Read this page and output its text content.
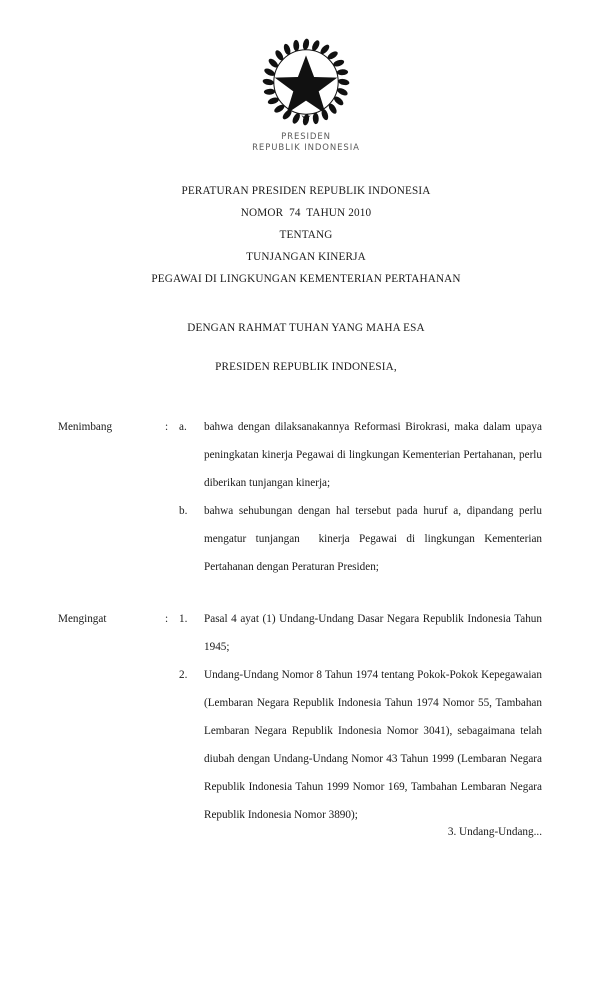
PRESIDEN
REPUBLIK INDONESIA
PERATURAN PRESIDEN REPUBLIK INDONESIA
NOMOR  74  TAHUN 2010
TENTANG
TUNJANGAN KINERJA
PEGAWAI DI LINGKUNGAN KEMENTERIAN PERTAHANAN
DENGAN RAHMAT TUHAN YANG MAHA ESA
PRESIDEN REPUBLIK INDONESIA,
Menimbang	: a.	bahwa dengan dilaksanakannya Reformasi Birokrasi, maka dalam upaya peningkatan kinerja Pegawai di lingkungan Kementerian Pertahanan, perlu diberikan tunjangan kinerja;
b.	bahwa sehubungan dengan hal tersebut pada huruf a, dipandang perlu mengatur tunjangan  kinerja Pegawai di lingkungan Kementerian Pertahanan dengan Peraturan Presiden;
Mengingat	: 1.	Pasal 4 ayat (1) Undang-Undang Dasar Negara Republik Indonesia Tahun 1945;
2.	Undang-Undang Nomor 8 Tahun 1974 tentang Pokok-Pokok Kepegawaian (Lembaran Negara Republik Indonesia Tahun 1974 Nomor 55, Tambahan Lembaran Negara Republik Indonesia Nomor 3041), sebagaimana telah diubah dengan Undang-Undang Nomor 43 Tahun 1999 (Lembaran Negara Republik Indonesia Tahun 1999 Nomor 169, Tambahan Lembaran Negara Republik Indonesia Nomor 3890);
3. Undang-Undang...
